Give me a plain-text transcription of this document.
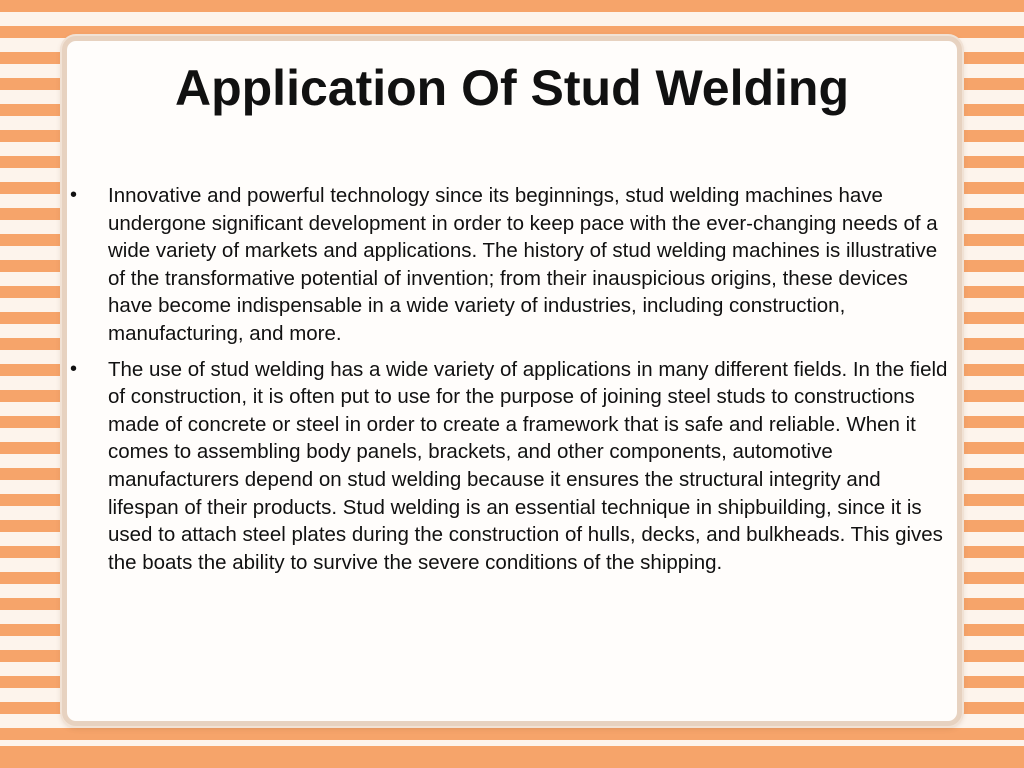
Application Of Stud Welding
• Innovative and powerful technology since its beginnings, stud welding machines have undergone significant development in order to keep pace with the ever-changing needs of a wide variety of markets and applications. The history of stud welding machines is illustrative of the transformative potential of invention; from their inauspicious origins, these devices have become indispensable in a wide variety of industries, including construction, manufacturing, and more.
• The use of stud welding has a wide variety of applications in many different fields. In the field of construction, it is often put to use for the purpose of joining steel studs to constructions made of concrete or steel in order to create a framework that is safe and reliable. When it comes to assembling body panels, brackets, and other components, automotive manufacturers depend on stud welding because it ensures the structural integrity and lifespan of their products. Stud welding is an essential technique in shipbuilding, since it is used to attach steel plates during the construction of hulls, decks, and bulkheads. This gives the boats the ability to survive the severe conditions of the shipping.
